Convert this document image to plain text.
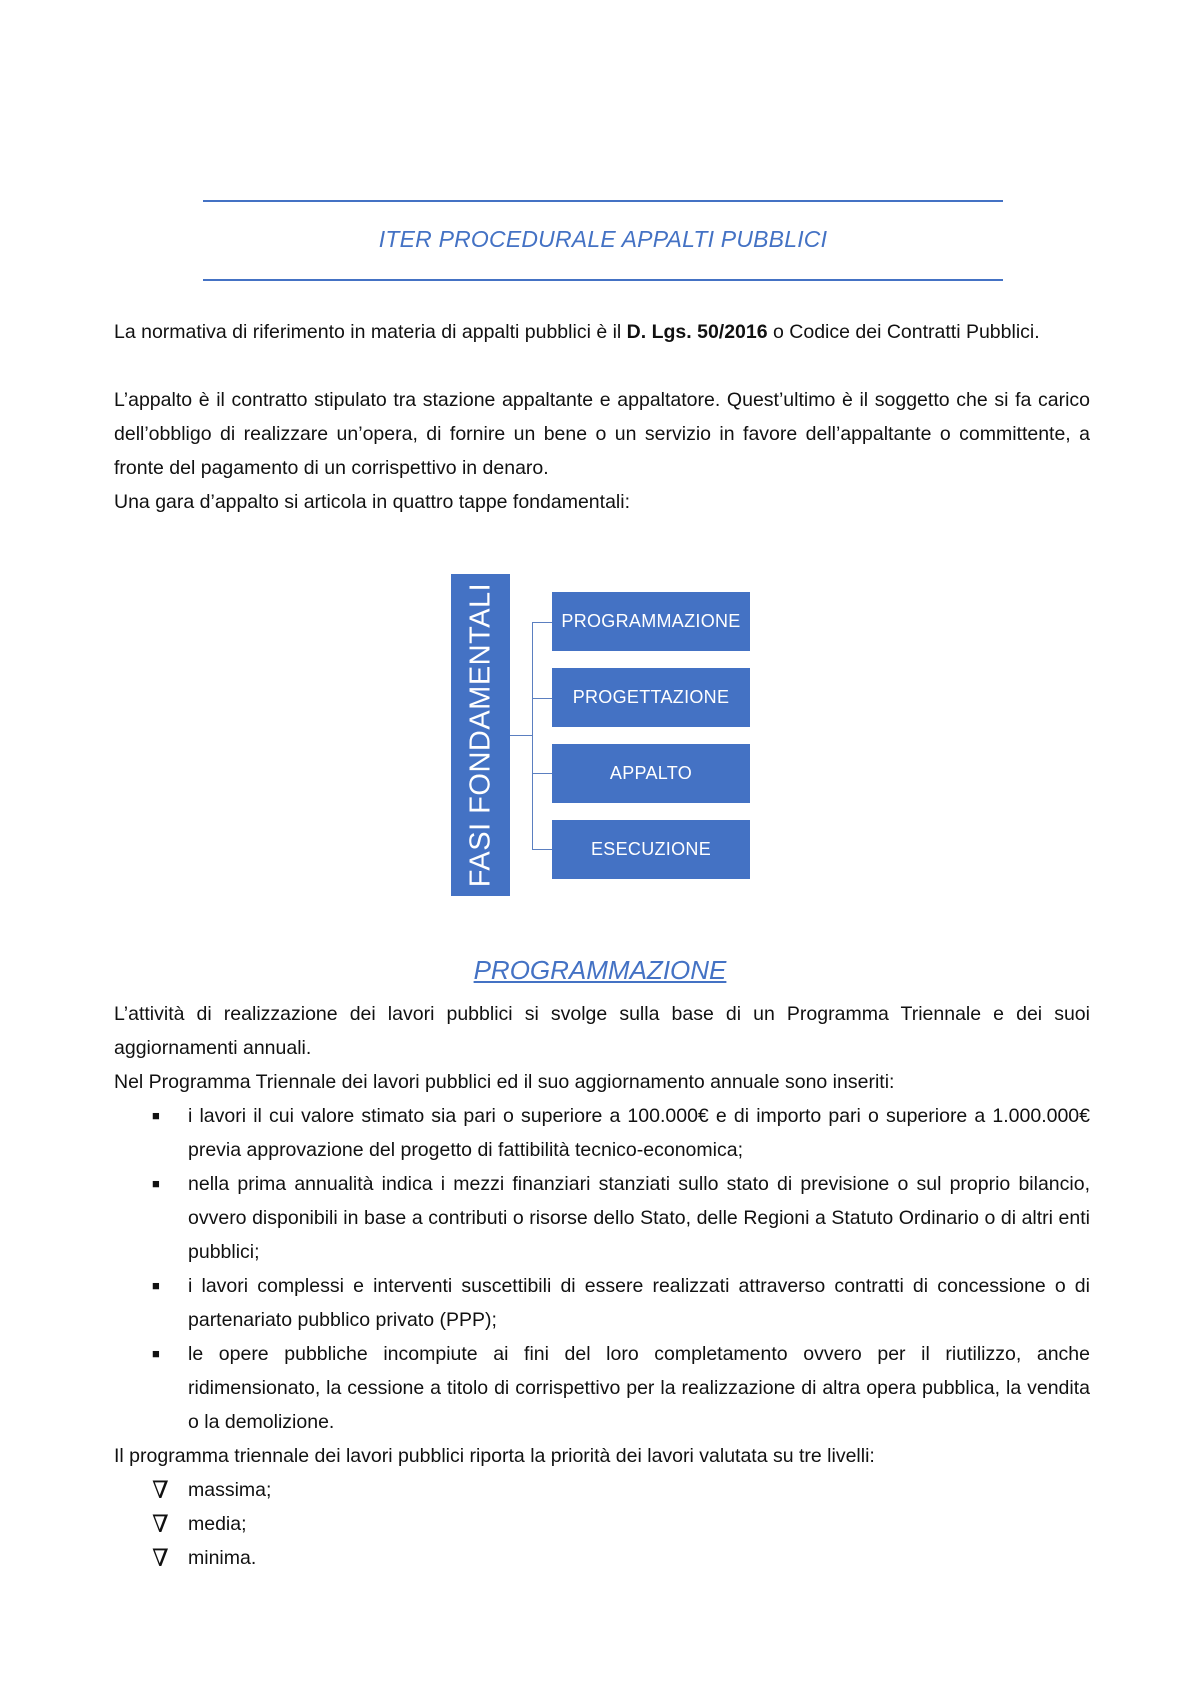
ITER PROCEDURALE APPALTI PUBBLICI

La normativa di riferimento in materia di appalti pubblici è il D. Lgs. 50/2016 o Codice dei Contratti Pubblici.

L’appalto è il contratto stipulato tra stazione appaltante e appaltatore. Quest’ultimo è il soggetto che si fa carico dell’obbligo di realizzare un’opera, di fornire un bene o un servizio in favore dell’appaltante o committente, a fronte del pagamento di un corrispettivo in denaro.

Una gara d’appalto si articola in quattro tappe fondamentali:

FASI FONDAMENTALI	PROGRAMMAZIONE
PROGETTAZIONE
APPALTO
ESECUZIONE
PROGRAMMAZIONE

L’attività di realizzazione dei lavori pubblici si svolge sulla base di un Programma Triennale e dei suoi aggiornamenti annuali.

Nel Programma Triennale dei lavori pubblici ed il suo aggiornamento annuale sono inseriti:

■ i lavori il cui valore stimato sia pari o superiore a 100.000€ e di importo pari o superiore a 1.000.000€ previa approvazione del progetto di fattibilità tecnico-economica;
■ nella prima annualità indica i mezzi finanziari stanziati sullo stato di previsione o sul proprio bilancio, ovvero disponibili in base a contributi o risorse dello Stato, delle Regioni a Statuto Ordinario o di altri enti pubblici;
■ i lavori complessi e interventi suscettibili di essere realizzati attraverso contratti di concessione o di partenariato pubblico privato (PPP);
■ le opere pubbliche incompiute ai fini del loro completamento ovvero per il riutilizzo, anche ridimensionato, la cessione a titolo di corrispettivo per la realizzazione di altra opera pubblica, la vendita o la demolizione.

Il programma triennale dei lavori pubblici riporta la priorità dei lavori valutata su tre livelli:

∇ massima;
∇ media;
∇ minima.
